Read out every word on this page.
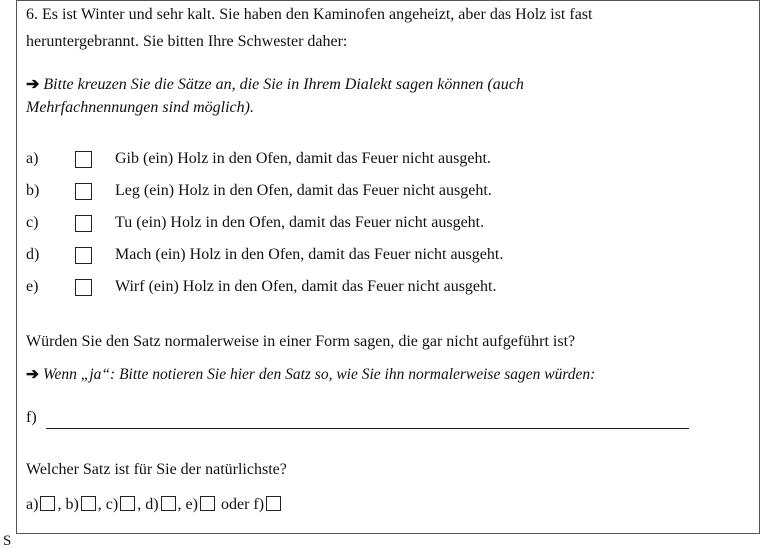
6. Es ist Winter und sehr kalt. Sie haben den Kaminofen angeheizt, aber das Holz ist fast
heruntergebrannt. Sie bitten Ihre Schwester daher:
➔ Bitte kreuzen Sie die Sätze an, die Sie in Ihrem Dialekt sagen können (auch
Mehrfachnennungen sind möglich).
a)	Gib (ein) Holz in den Ofen, damit das Feuer nicht ausgeht.
b)	Leg (ein) Holz in den Ofen, damit das Feuer nicht ausgeht.
c)	Tu (ein) Holz in den Ofen, damit das Feuer nicht ausgeht.
d)	Mach (ein) Holz in den Ofen, damit das Feuer nicht ausgeht.
e)	Wirf (ein) Holz in den Ofen, damit das Feuer nicht ausgeht.
Würden Sie den Satz normalerweise in einer Form sagen, die gar nicht aufgeführt ist?
➔ Wenn „ja“: Bitte notieren Sie hier den Satz so, wie Sie ihn normalerweise sagen würden:
f)
Welcher Satz ist für Sie der natürlichste?
a) , b) , c) , d) , e) oder f)
S
